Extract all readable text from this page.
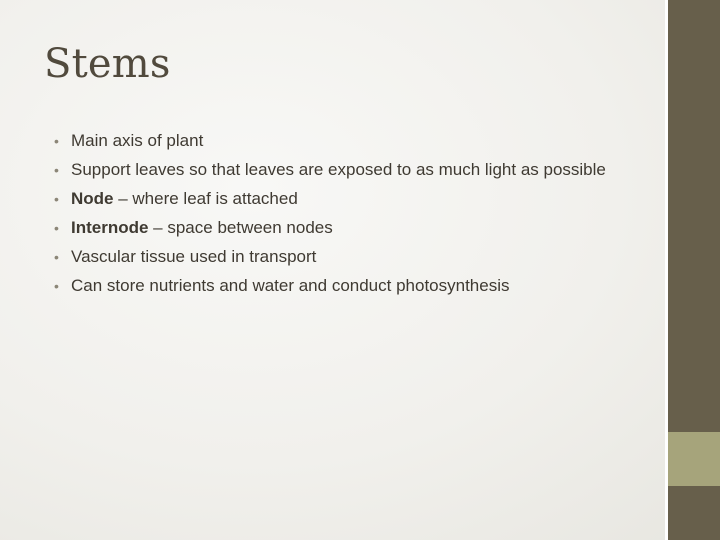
Stems
• Main axis of plant
• Support leaves so that leaves are exposed to as much light as possible
• Node – where leaf is attached
• Internode – space between nodes
• Vascular tissue used in transport
• Can store nutrients and water and conduct photosynthesis
